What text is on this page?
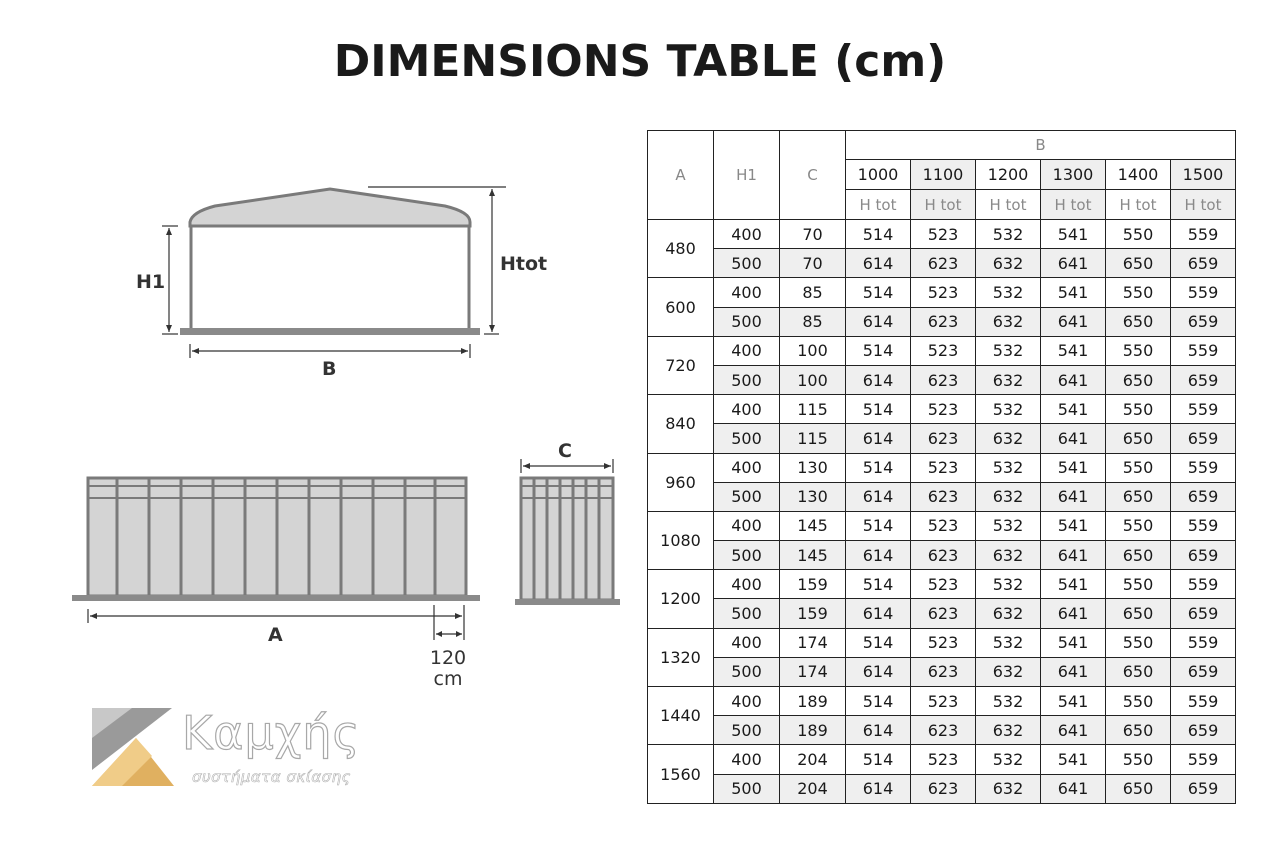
DIMENSIONS TABLE (cm)
H1
Htot
B
C
A
120
cm
Καμχής
συστήματα σκίασης
A	H1	C	B					
			1000	1100	1200	1300	1400	1500
			H tot	H tot	H tot	H tot	H tot	H tot
480	400	70	514	523	532	541	550	559
	500	70	614	623	632	641	650	659
600	400	85	514	523	532	541	550	559
	500	85	614	623	632	641	650	659
720	400	100	514	523	532	541	550	559
	500	100	614	623	632	641	650	659
840	400	115	514	523	532	541	550	559
	500	115	614	623	632	641	650	659
960	400	130	514	523	532	541	550	559
	500	130	614	623	632	641	650	659
1080	400	145	514	523	532	541	550	559
	500	145	614	623	632	641	650	659
1200	400	159	514	523	532	541	550	559
	500	159	614	623	632	641	650	659
1320	400	174	514	523	532	541	550	559
	500	174	614	623	632	641	650	659
1440	400	189	514	523	532	541	550	559
	500	189	614	623	632	641	650	659
1560	400	204	514	523	532	541	550	559
	500	204	614	623	632	641	650	659
